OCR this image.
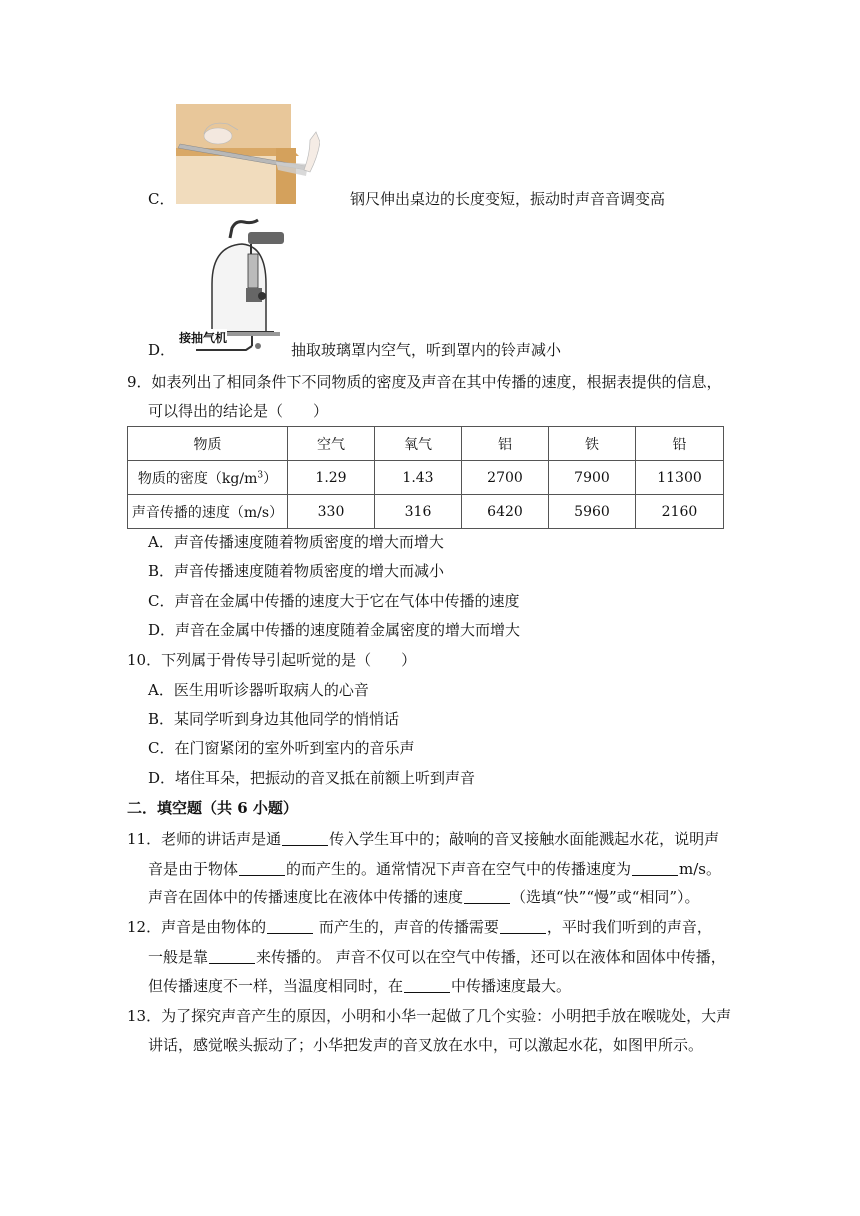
C．	钢尺伸出桌边的长度变短，振动时声音音调变高
接抽气机
D．	抽取玻璃罩内空气，听到罩内的铃声减小
9．如表列出了相同条件下不同物质的密度及声音在其中传播的速度，根据表提供的信息，
可以得出的结论是（　　）
物质	空气	氧气	铝	铁	铅
物质的密度$(kg/m^3)$	1.29	1.43	2700	7900	11300
声音传播的速度（m/s）	330	316	6420	5960	2160
A．声音传播速度随着物质密度的增大而增大
B．声音传播速度随着物质密度的增大而减小
C．声音在金属中传播的速度大于它在气体中传播的速度
D．声音在金属中传播的速度随着金属密度的增大而增大
10．下列属于骨传导引起听觉的是（　　）
A．医生用听诊器听取病人的心音
B．某同学听到身边其他同学的悄悄话
C．在门窗紧闭的室外听到室内的音乐声
D．堵住耳朵，把振动的音叉抵在前额上听到声音
二．填空题（共 6 小题）
11．老师的讲话声是通	传入学生耳中的；敲响的音叉接触水面能溅起水花，说明声
音是由于物体	的而产生的。通常情况下声音在空气中的传播速度为	m/s。
声音在固体中的传播速度比在液体中传播的速度	（选填“快”“慢”或“相同”）。
12．声音是由物体的	而产生的，声音的传播需要	，平时我们听到的声音，
一般是靠	来传播的。 声音不仅可以在空气中传播，还可以在液体和固体中传播，
但传播速度不一样，当温度相同时，在	中传播速度最大。
13．为了探究声音产生的原因，小明和小华一起做了几个实验：小明把手放在喉咙处，大声
讲话，感觉喉头振动了；小华把发声的音叉放在水中，可以激起水花，如图甲所示。
